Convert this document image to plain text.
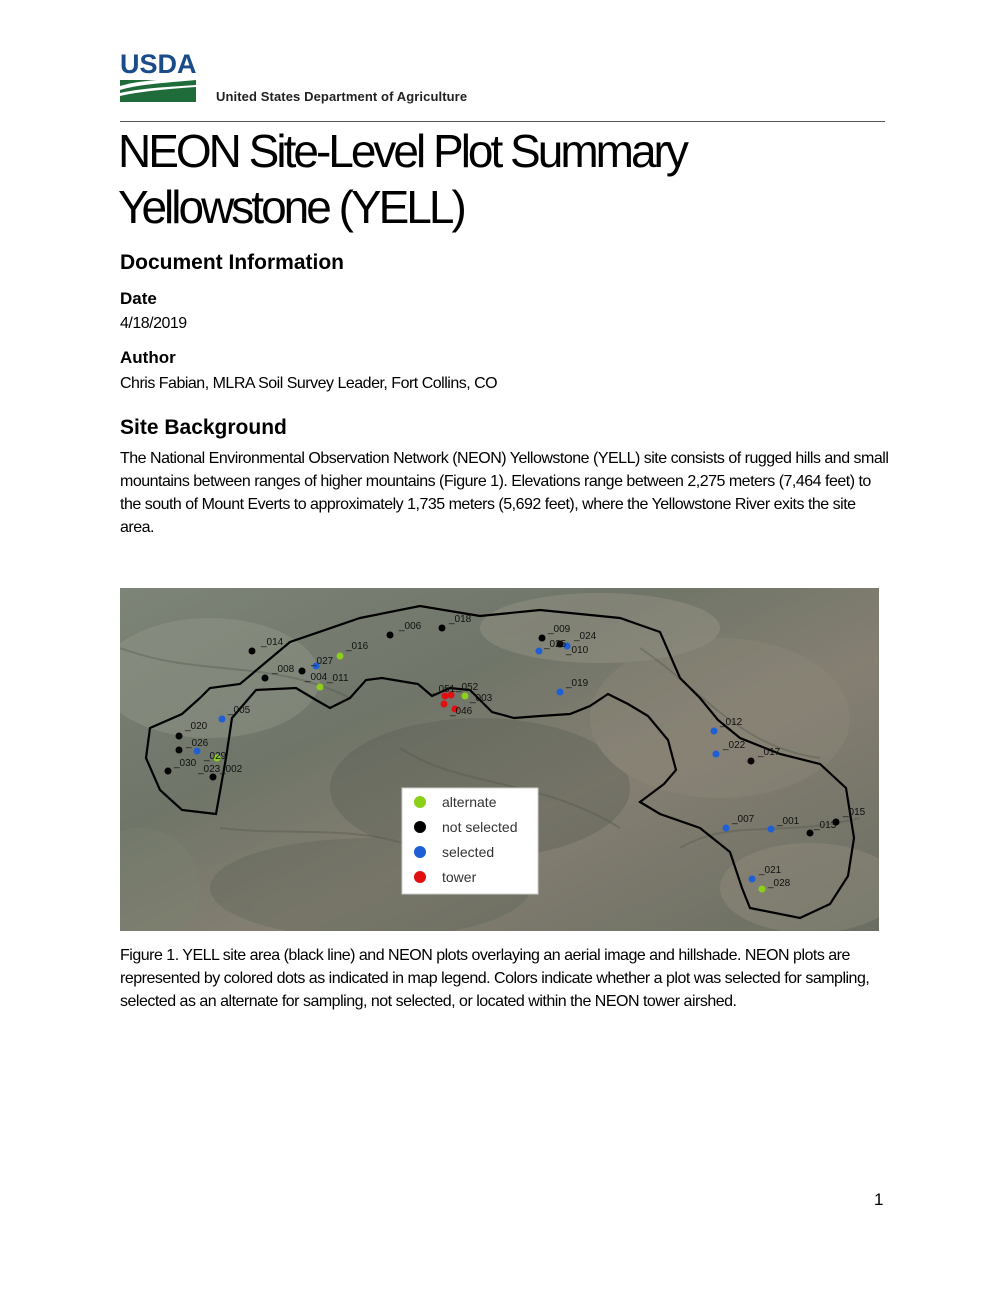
USDA
United States Department of Agriculture
NEON Site-Level Plot Summary
Yellowstone (YELL)
Document Information
Date

4/18/2019

Author

Chris Fabian, MLRA Soil Survey Leader, Fort Collins, CO

Site Background

The National Environmental Observation Network (NEON) Yellowstone (YELL) site consists of rugged hills and small mountains between ranges of higher mountains (Figure 1). Elevations range between 2,275 meters (7,464 feet) to the south of Mount Everts to approximately 1,735 meters (5,692 feet), where the Yellowstone River exits the site area.

_014
_006
_018
_016
_027
_008
_004 _011
_005
_020
_026
_029
_030
_023 _002
_009
_025
_024
_010
_019
_051 _052
_003
_046
_012
_022
_017
_007 _001 _013
_015
_021
_028
alternate
not selected
selected
tower

Figure 1. YELL site area (black line) and NEON plots overlaying an aerial image and hillshade. NEON plots are represented by colored dots as indicated in map legend. Colors indicate whether a plot was selected for sampling, selected as an alternate for sampling, not selected, or located within the NEON tower airshed.

1
